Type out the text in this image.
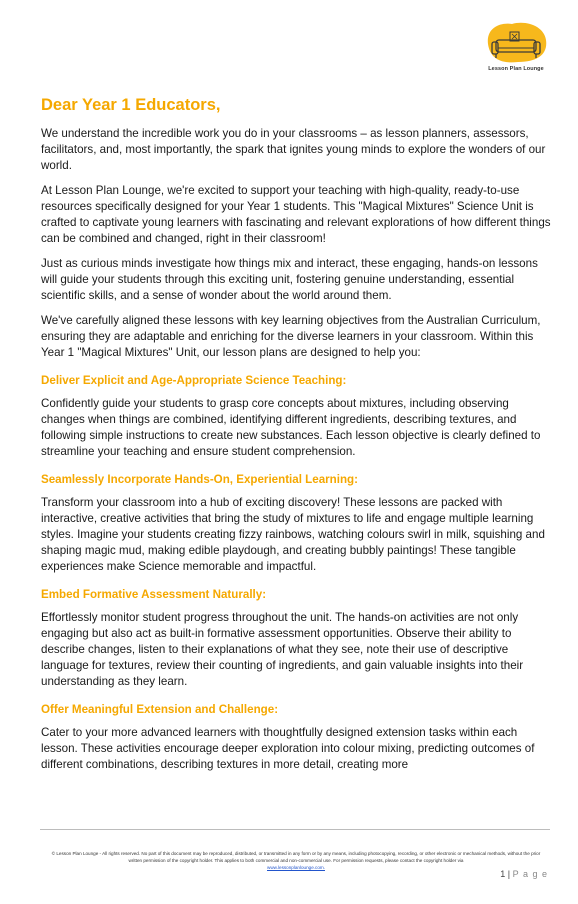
Lesson Plan Lounge
Dear Year 1 Educators,

We understand the incredible work you do in your classrooms – as lesson planners, assessors, facilitators, and, most importantly, the spark that ignites young minds to explore the wonders of our world.

At Lesson Plan Lounge, we're excited to support your teaching with high-quality, ready-to-use resources specifically designed for your Year 1 students. This "Magical Mixtures" Science Unit is crafted to captivate young learners with fascinating and relevant explorations of how different things can be combined and changed, right in their classroom!

Just as curious minds investigate how things mix and interact, these engaging, hands-on lessons will guide your students through this exciting unit, fostering genuine understanding, essential scientific skills, and a sense of wonder about the world around them.

We've carefully aligned these lessons with key learning objectives from the Australian Curriculum, ensuring they are adaptable and enriching for the diverse learners in your classroom. Within this Year 1 "Magical Mixtures" Unit, our lesson plans are designed to help you:

Deliver Explicit and Age-Appropriate Science Teaching:

Confidently guide your students to grasp core concepts about mixtures, including observing changes when things are combined, identifying different ingredients, describing textures, and following simple instructions to create new substances. Each lesson objective is clearly defined to streamline your teaching and ensure student comprehension.

Seamlessly Incorporate Hands-On, Experiential Learning:

Transform your classroom into a hub of exciting discovery! These lessons are packed with interactive, creative activities that bring the study of mixtures to life and engage multiple learning styles. Imagine your students creating fizzy rainbows, watching colours swirl in milk, squishing and shaping magic mud, making edible playdough, and creating bubbly paintings! These tangible experiences make Science memorable and impactful.

Embed Formative Assessment Naturally:

Effortlessly monitor student progress throughout the unit. The hands-on activities are not only engaging but also act as built-in formative assessment opportunities. Observe their ability to describe changes, listen to their explanations of what they see, note their use of descriptive language for textures, review their counting of ingredients, and gain valuable insights into their understanding as they learn.

Offer Meaningful Extension and Challenge:

Cater to your more advanced learners with thoughtfully designed extension tasks within each lesson. These activities encourage deeper exploration into colour mixing, predicting outcomes of different combinations, describing textures in more detail, creating more

© Lesson Plan Lounge - All rights reserved. No part of this document may be reproduced, distributed, or transmitted in any form or by any means, including photocopying, recording, or other electronic or mechanical methods, without the prior written permission of the copyright holder. This applies to both commercial and non-commercial use. For permission requests, please contact the copyright holder via
www.lessonplanlounge.com.
1 | P a g e
